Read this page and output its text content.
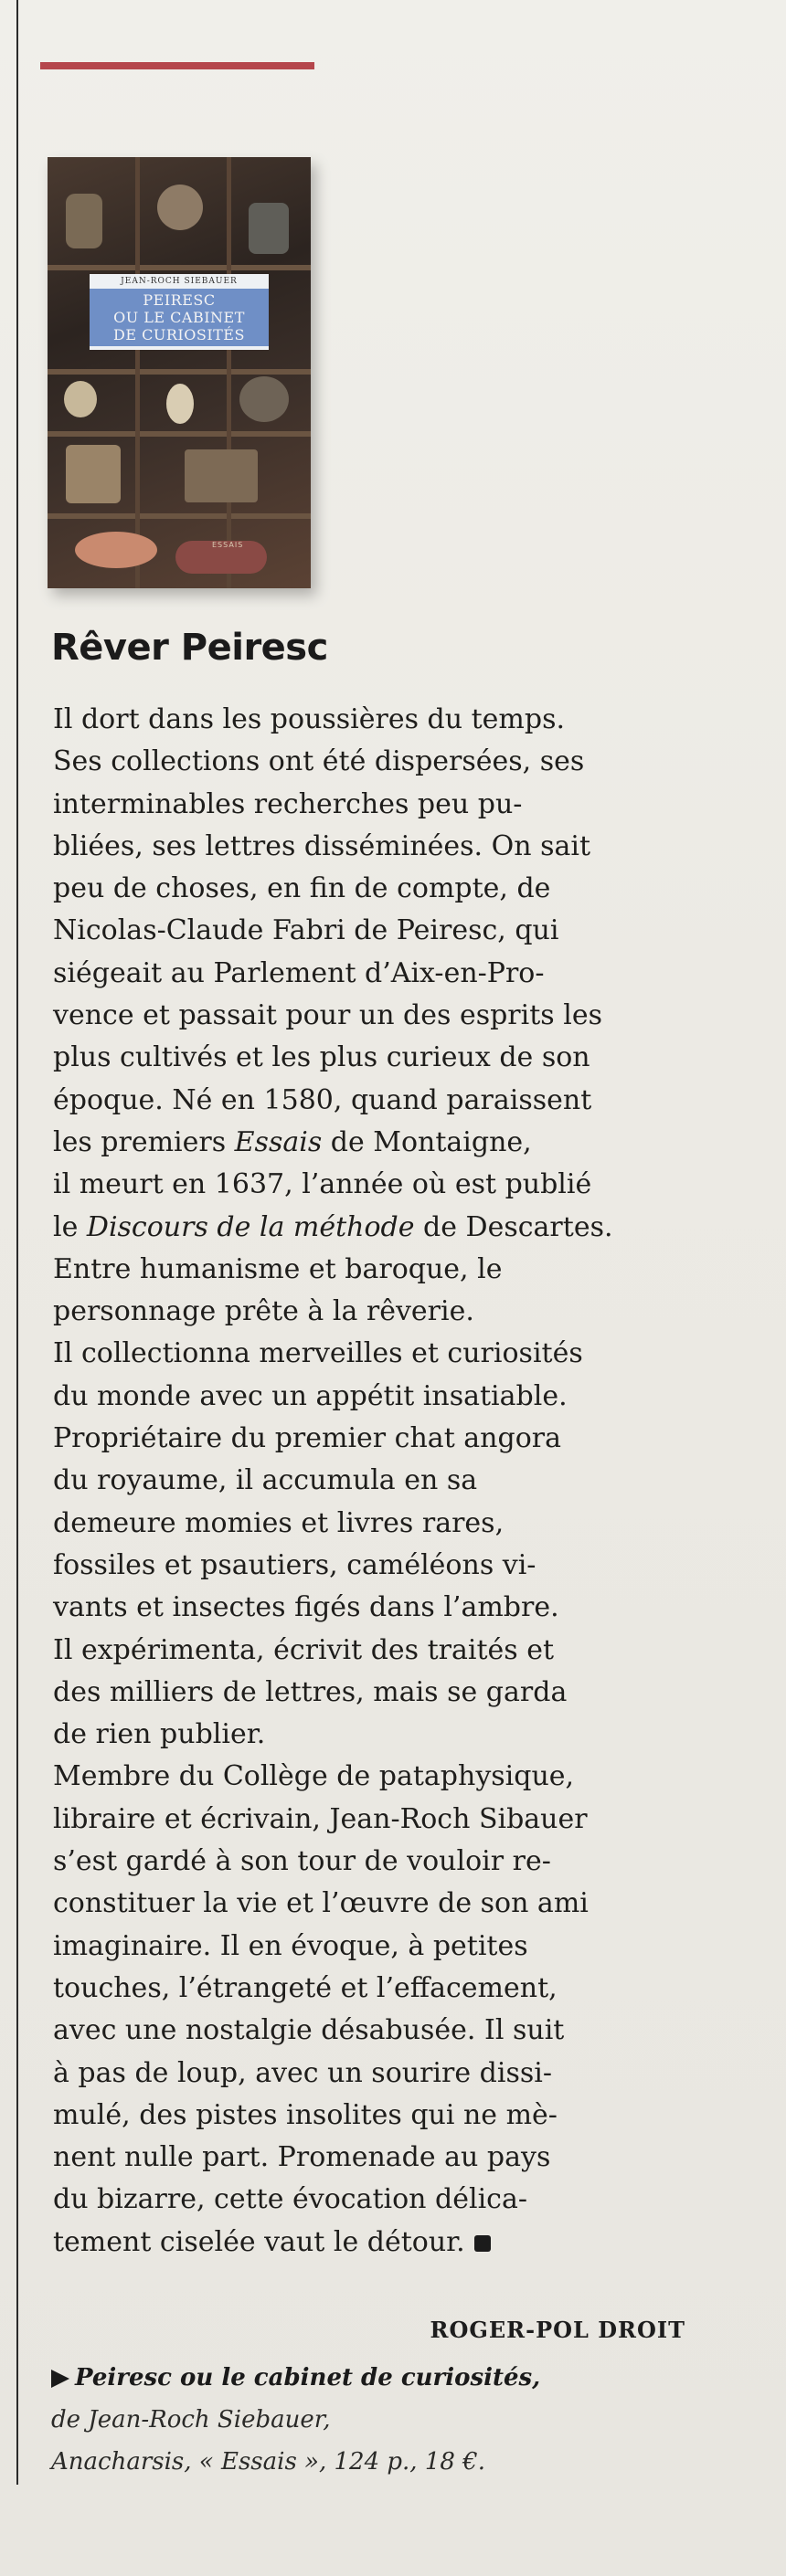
JEAN-ROCH SIEBAUER
PEIRESC
OU LE CABINET
DE CURIOSITÉS
ESSAIS
Rêver Peiresc
Il dort dans les poussières du temps.
Ses collections ont été dispersées, ses
interminables recherches peu pu-
bliées, ses lettres disséminées. On sait
peu de choses, en fin de compte, de
Nicolas-Claude Fabri de Peiresc, qui
siégeait au Parlement d’Aix-en-Pro-
vence et passait pour un des esprits les
plus cultivés et les plus curieux de son
époque. Né en 1580, quand paraissent
les premiers Essais de Montaigne,
il meurt en 1637, l’année où est publié
le Discours de la méthode de Descartes.
Entre humanisme et baroque, le
personnage prête à la rêverie.
Il collectionna merveilles et curiosités
du monde avec un appétit insatiable.
Propriétaire du premier chat angora
du royaume, il accumula en sa
demeure momies et livres rares,
fossiles et psautiers, caméléons vi-
vants et insectes figés dans l’ambre.
Il expérimenta, écrivit des traités et
des milliers de lettres, mais se garda
de rien publier.
Membre du Collège de pataphysique,
libraire et écrivain, Jean-Roch Sibauer
s’est gardé à son tour de vouloir re-
constituer la vie et l’œuvre de son ami
imaginaire. Il en évoque, à petites
touches, l’étrangeté et l’effacement,
avec une nostalgie désabusée. Il suit
à pas de loup, avec un sourire dissi-
mulé, des pistes insolites qui ne mè-
nent nulle part. Promenade au pays
du bizarre, cette évocation délica-
tement ciselée vaut le détour.

ROGER-POL DROIT

Peiresc ou le cabinet de curiosités,
de Jean-Roch Siebauer,
Anacharsis, « Essais », 124 p., 18 €.
